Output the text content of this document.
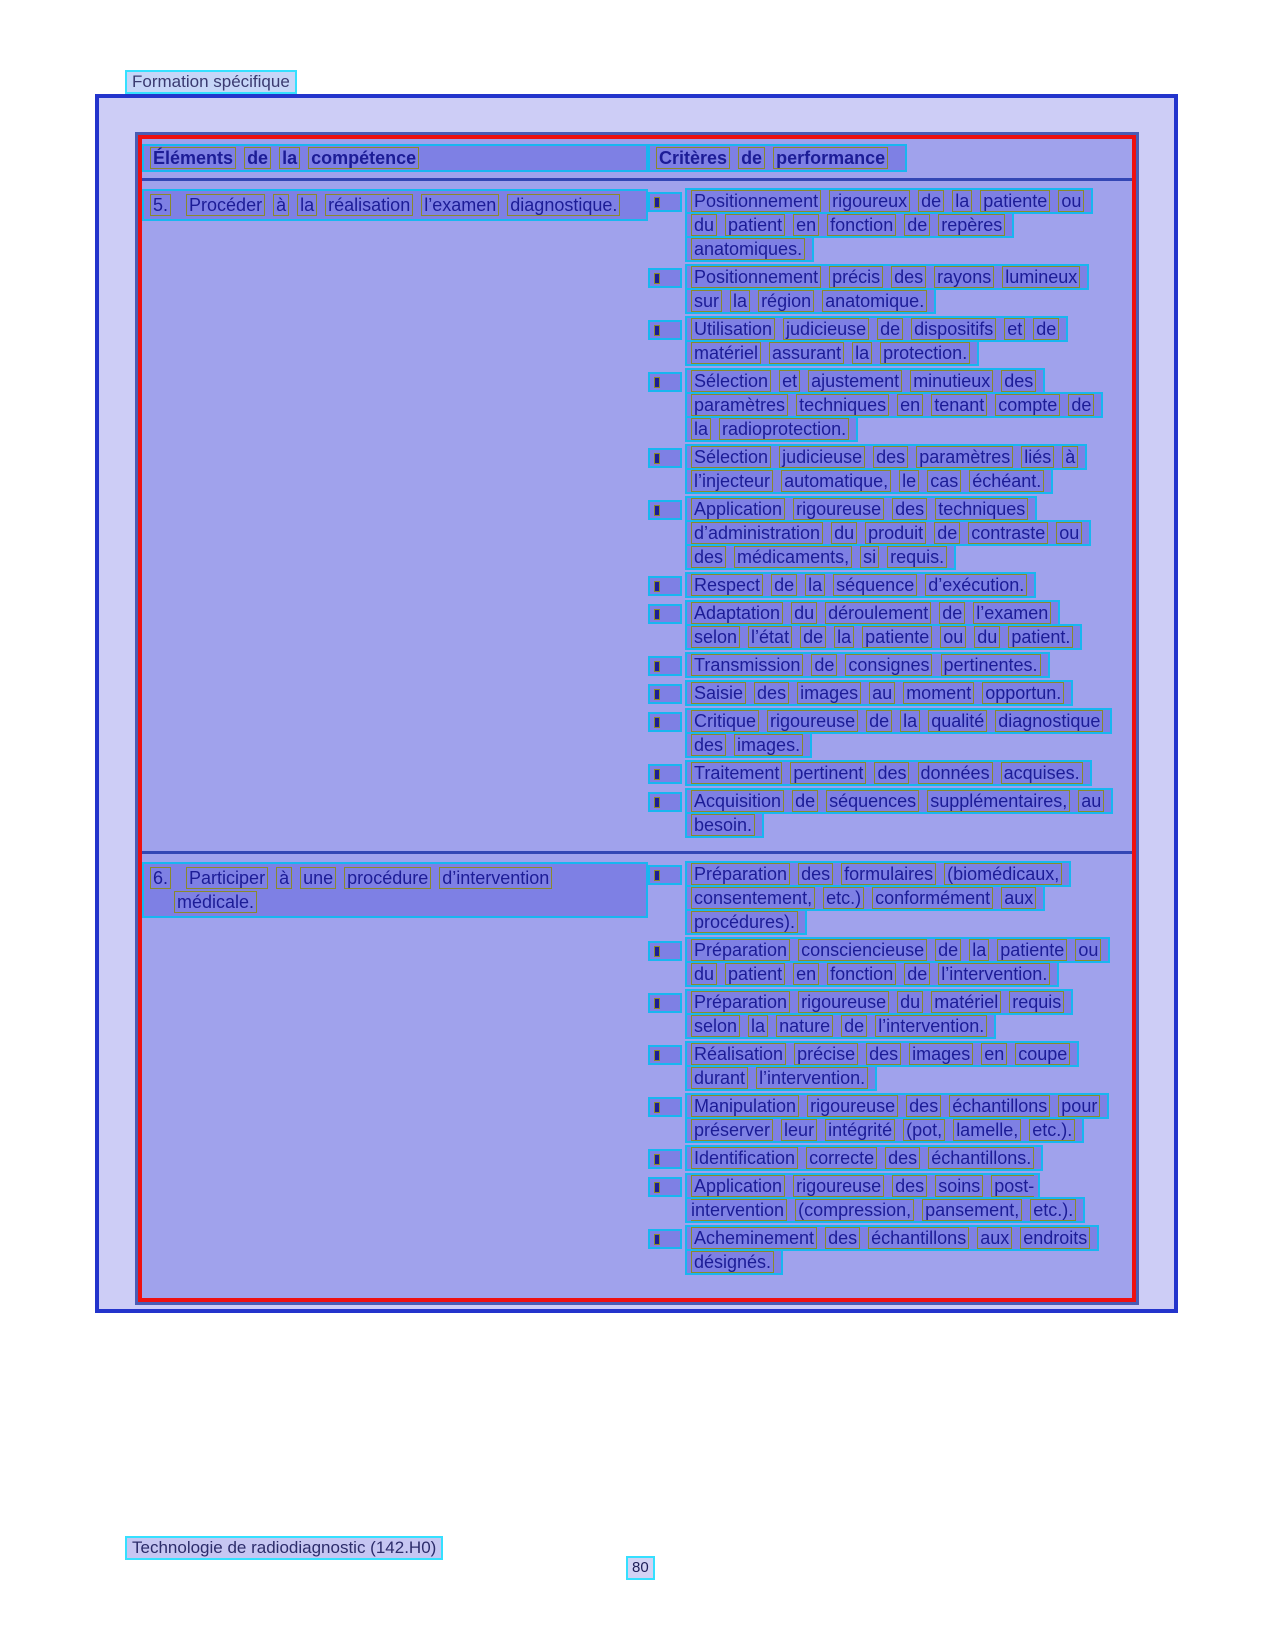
Formation spécifique
Éléments de la compétence	Critères de performance
5. Procéder à la réalisation l’examen diagnostique.	Positionnement rigoureux de la patiente ou du patient en fonction de repères anatomiques.
Positionnement précis des rayons lumineux sur la région anatomique.
Utilisation judicieuse de dispositifs et de matériel assurant la protection.
Sélection et ajustement minutieux des paramètres techniques en tenant compte de la radioprotection.
Sélection judicieuse des paramètres liés à l’injecteur automatique, le cas échéant.
Application rigoureuse des techniques d’administration du produit de contraste ou des médicaments, si requis.
Respect de la séquence d’exécution.
Adaptation du déroulement de l’examen selon l’état de la patiente ou du patient.
Transmission de consignes pertinentes.
Saisie des images au moment opportun.
Critique rigoureuse de la qualité diagnostique des images.
Traitement pertinent des données acquises.
Acquisition de séquences supplémentaires, au besoin.
6. Participer à une procédure d’intervention médicale.
Préparation des formulaires (biomédicaux, consentement, etc.) conformément aux procédures).
Préparation consciencieuse de la patiente ou du patient en fonction de l’intervention.
Préparation rigoureuse du matériel requis selon la nature de l’intervention.
Réalisation précise des images en coupe durant l’intervention.
Manipulation rigoureuse des échantillons pour préserver leur intégrité (pot, lamelle, etc.).
Identification correcte des échantillons.
Application rigoureuse des soins post-intervention (compression, pansement, etc.).
Acheminement des échantillons aux endroits désignés.
Technologie de radiodiagnostic (142.H0)
80
